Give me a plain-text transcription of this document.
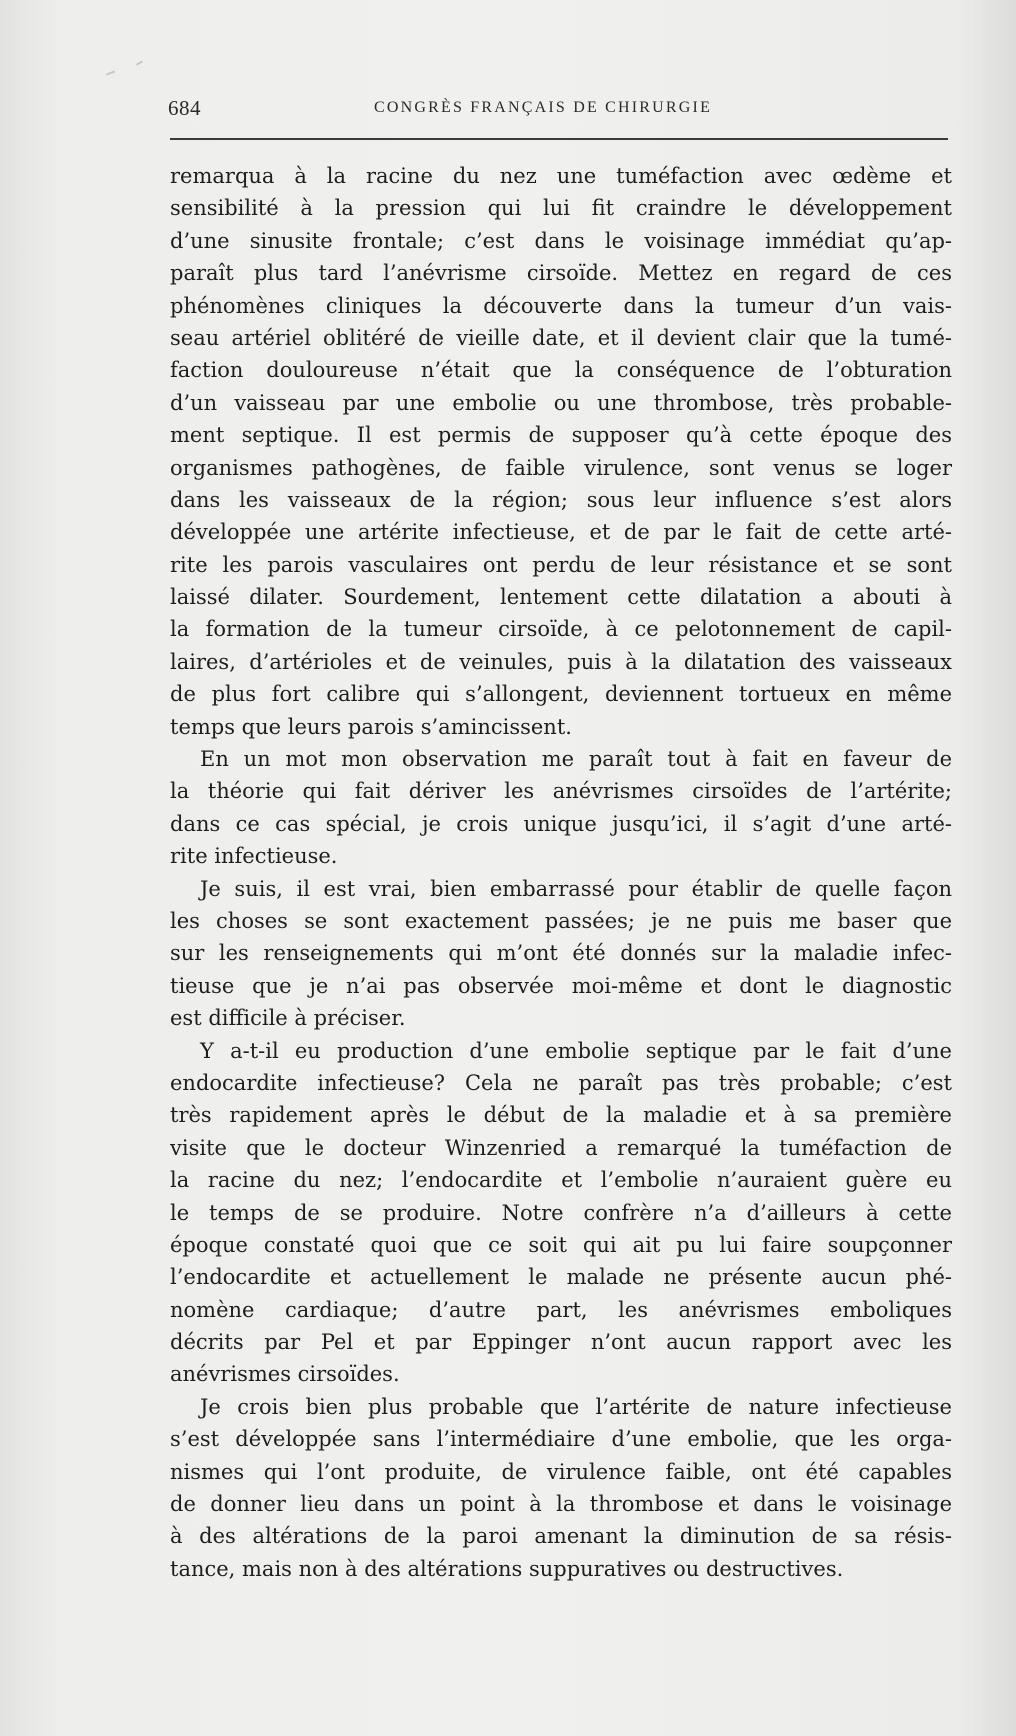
684	CONGRÈS FRANÇAIS DE CHIRURGIE
remarqua à la racine du nez une tuméfaction avec œdème et
sensibilité à la pression qui lui fit craindre le développement
d’une sinusite frontale; c’est dans le voisinage immédiat qu’ap-
paraît plus tard l’anévrisme cirsoïde. Mettez en regard de ces
phénomènes cliniques la découverte dans la tumeur d’un vais-
seau artériel oblitéré de vieille date, et il devient clair que la tumé-
faction douloureuse n’était que la conséquence de l’obturation
d’un vaisseau par une embolie ou une thrombose, très probable-
ment septique. Il est permis de supposer qu’à cette époque des
organismes pathogènes, de faible virulence, sont venus se loger
dans les vaisseaux de la région; sous leur influence s’est alors
développée une artérite infectieuse, et de par le fait de cette arté-
rite les parois vasculaires ont perdu de leur résistance et se sont
laissé dilater. Sourdement, lentement cette dilatation a abouti à
la formation de la tumeur cirsoïde, à ce pelotonnement de capil-
laires, d’artérioles et de veinules, puis à la dilatation des vaisseaux
de plus fort calibre qui s’allongent, deviennent tortueux en même
temps que leurs parois s’amincissent.
En un mot mon observation me paraît tout à fait en faveur de
la théorie qui fait dériver les anévrismes cirsoïdes de l’artérite;
dans ce cas spécial, je crois unique jusqu’ici, il s’agit d’une arté-
rite infectieuse.
Je suis, il est vrai, bien embarrassé pour établir de quelle façon
les choses se sont exactement passées; je ne puis me baser que
sur les renseignements qui m’ont été donnés sur la maladie infec-
tieuse que je n’ai pas observée moi-même et dont le diagnostic
est difficile à préciser.
Y a-t-il eu production d’une embolie septique par le fait d’une
endocardite infectieuse? Cela ne paraît pas très probable; c’est
très rapidement après le début de la maladie et à sa première
visite que le docteur Winzenried a remarqué la tuméfaction de
la racine du nez; l’endocardite et l’embolie n’auraient guère eu
le temps de se produire. Notre confrère n’a d’ailleurs à cette
époque constaté quoi que ce soit qui ait pu lui faire soupçonner
l’endocardite et actuellement le malade ne présente aucun phé-
nomène cardiaque; d’autre part, les anévrismes emboliques
décrits par Pel et par Eppinger n’ont aucun rapport avec les
anévrismes cirsoïdes.
Je crois bien plus probable que l’artérite de nature infectieuse
s’est développée sans l’intermédiaire d’une embolie, que les orga-
nismes qui l’ont produite, de virulence faible, ont été capables
de donner lieu dans un point à la thrombose et dans le voisinage
à des altérations de la paroi amenant la diminution de sa résis-
tance, mais non à des altérations suppuratives ou destructives.
